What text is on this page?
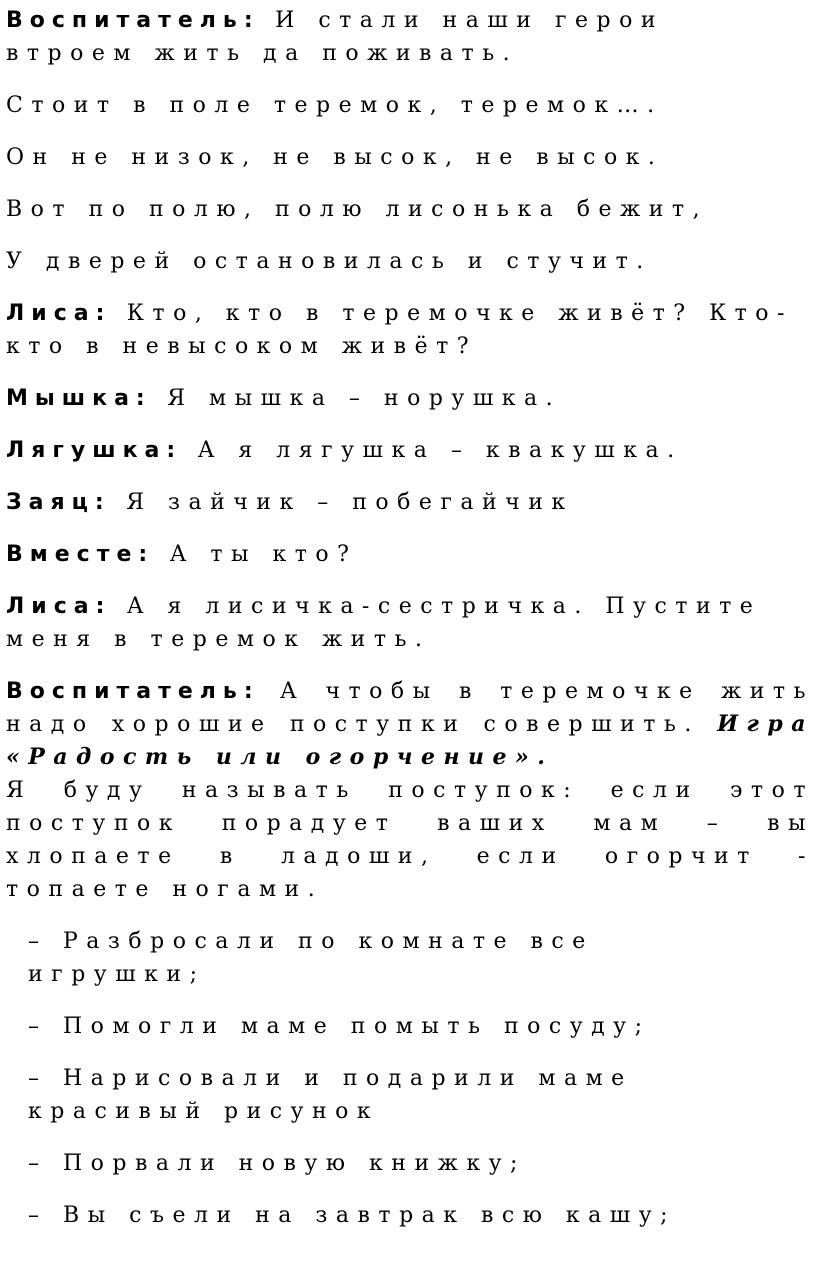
Воспитатель: И стали наши герои втроем жить да поживать.

Стоит в поле теремок, теремок….

Он не низок, не высок, не высок.

Вот по полю, полю лисонька бежит,

У дверей остановилась и стучит.

Лиса: Кто, кто в теремочке живёт? Кто-кто в невысоком живёт?

Мышка: Я мышка – норушка.

Лягушка: А я лягушка – квакушка.

Заяц: Я зайчик – побегайчик

Вместе: А ты кто?

Лиса: А я лисичка-сестричка. Пустите меня в теремок жить.

Воспитатель: А чтобы в теремочке жить надо хорошие поступки совершить. Игра «Радость или огорчение».

Я буду называть поступок: если этот поступок порадует ваших мам – вы хлопаете в ладоши, если огорчит - топаете ногами.

– Разбросали по комнате все игрушки;

– Помогли маме помыть посуду;

– Нарисовали и подарили маме красивый рисунок

– Порвали новую книжку;

– Вы съели на завтрак всю кашу;
